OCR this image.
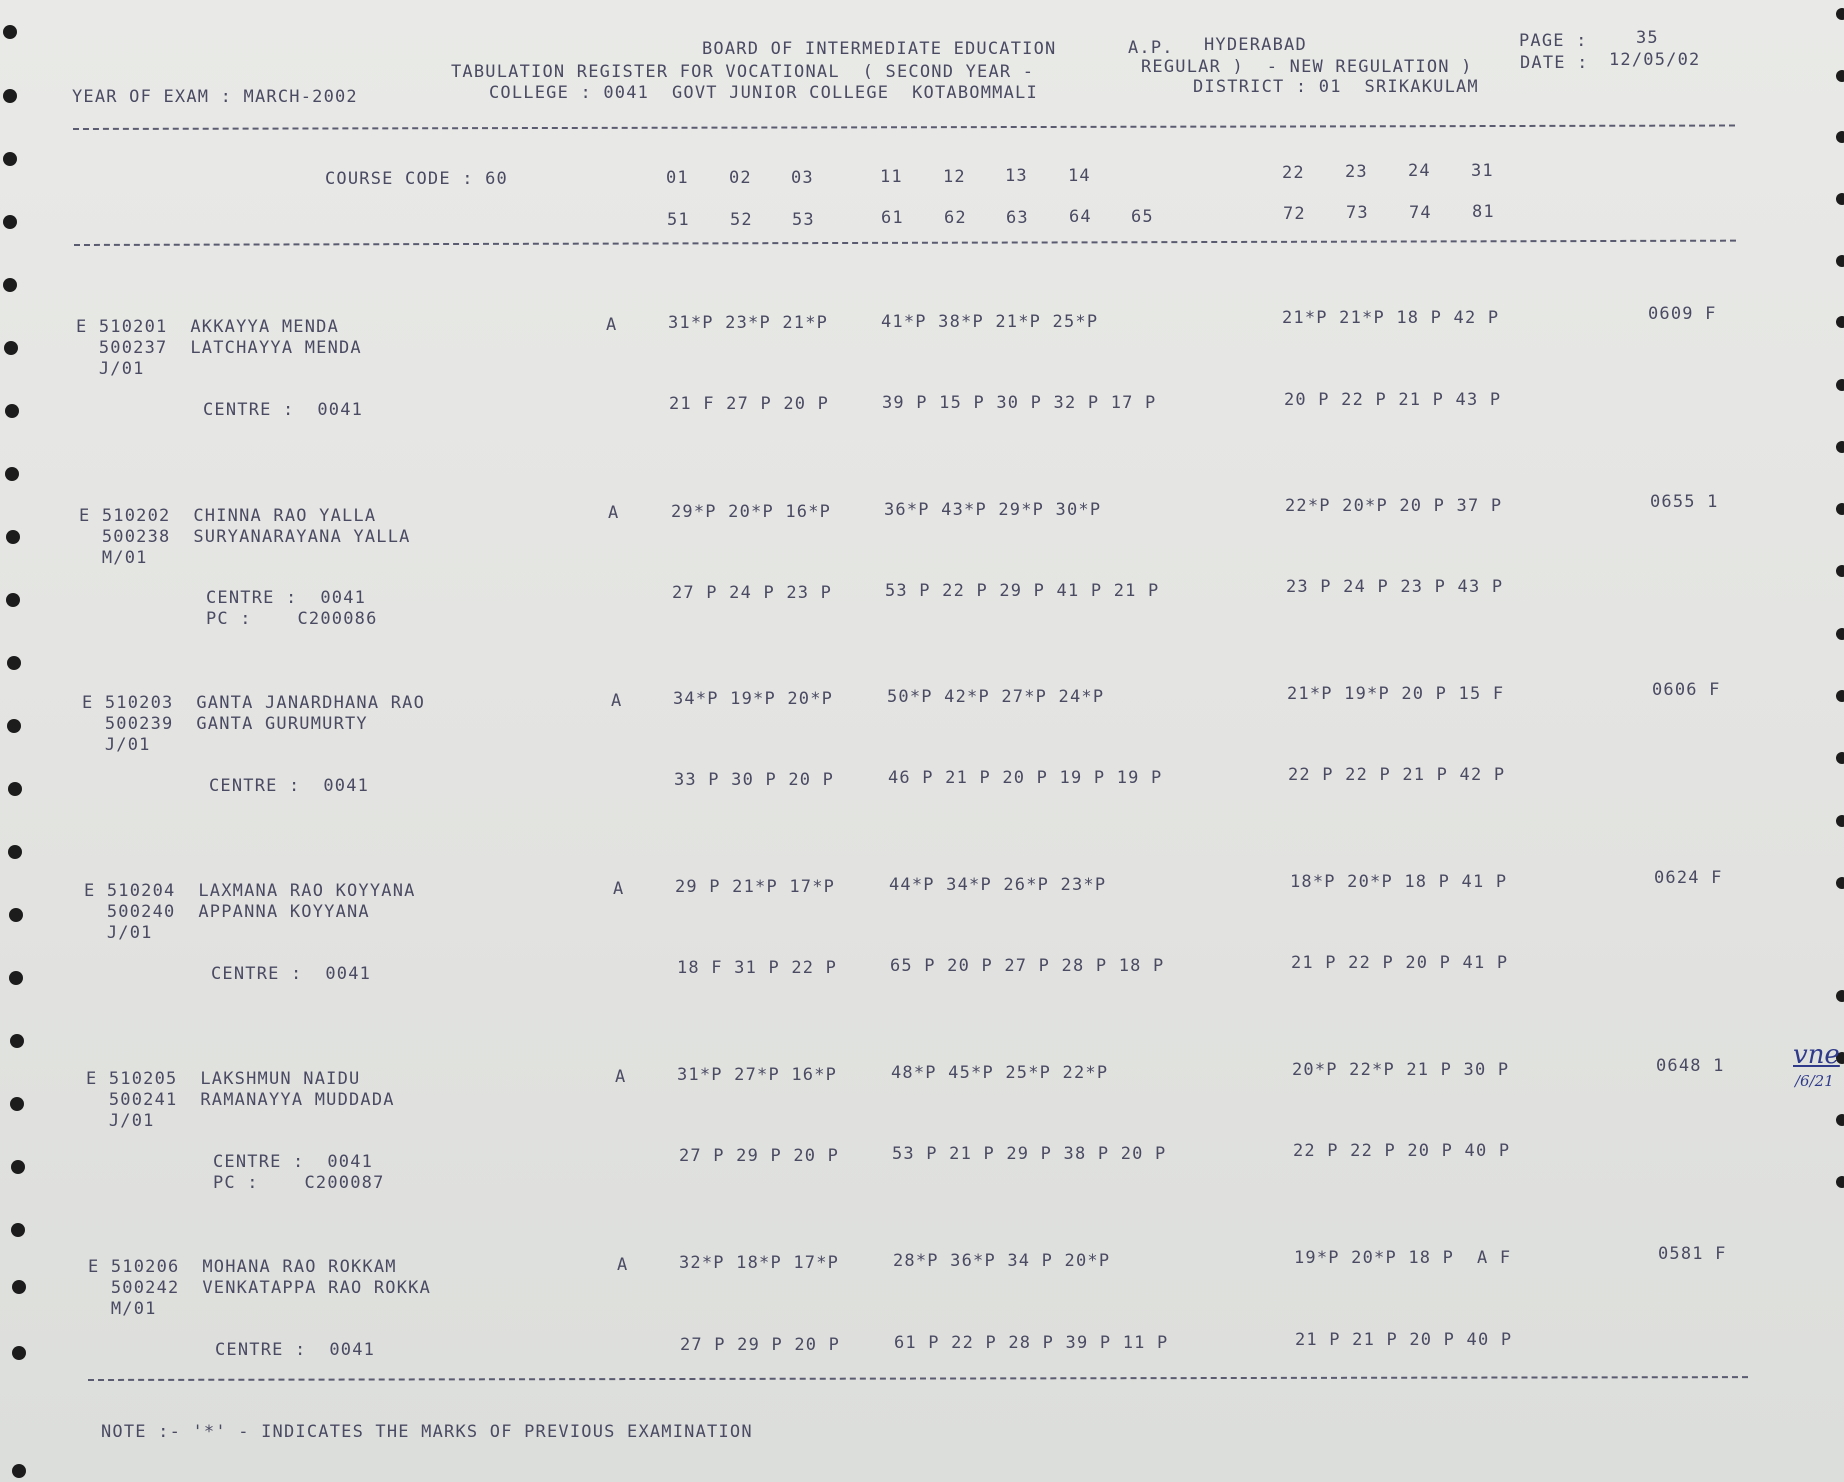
BOARD OF INTERMEDIATE EDUCATION	A.P. HYDERABAD	PAGE :	35
TABULATION REGISTER FOR VOCATIONAL  ( SECOND YEAR -	REGULAR )  - NEW REGULATION )	DATE : 12/05/02
YEAR OF EXAM : MARCH-2002	COLLEGE : 0041  GOVT JUNIOR COLLEGE  KOTABOMMALI	DISTRICT : 01  SRIKAKULAM
COURSE CODE : 60	01 02 03	11 12 13 14	22 23 24 31
51 52 53	61 62 63 64 65	72 73 74 81
E 510201  AKKAYYA MENDA
500237  LATCHAYYA MENDA
J/01
CENTRE :  0041
A	31*P 23*P 21*P	41*P 38*P 21*P 25*P	21*P 21*P 18 P 42 P	0609 F
21 F 27 P 20 P	39 P 15 P 30 P 32 P 17 P	20 P 22 P 21 P 43 P
E 510202  CHINNA RAO YALLA
500238  SURYANARAYANA YALLA
M/01
CENTRE :  0041
PC :    C200086
A	29*P 20*P 16*P	36*P 43*P 29*P 30*P	22*P 20*P 20 P 37 P	0655 1
27 P 24 P 23 P	53 P 22 P 29 P 41 P 21 P	23 P 24 P 23 P 43 P
E 510203  GANTA JANARDHANA RAO
500239  GANTA GURUMURTY
J/01
CENTRE :  0041
A	34*P 19*P 20*P	50*P 42*P 27*P 24*P	21*P 19*P 20 P 15 F	0606 F
33 P 30 P 20 P	46 P 21 P 20 P 19 P 19 P	22 P 22 P 21 P 42 P
E 510204  LAXMANA RAO KOYYANA
500240  APPANNA KOYYANA
J/01
CENTRE :  0041
A	29 P 21*P 17*P	44*P 34*P 26*P 23*P	18*P 20*P 18 P 41 P	0624 F
18 F 31 P 22 P	65 P 20 P 27 P 28 P 18 P	21 P 22 P 20 P 41 P
E 510205  LAKSHMUN NAIDU
500241  RAMANAYYA MUDDADA
J/01
CENTRE :  0041
PC :    C200087
A	31*P 27*P 16*P	48*P 45*P 25*P 22*P	20*P 22*P 21 P 30 P	0648 1
27 P 29 P 20 P	53 P 21 P 29 P 38 P 20 P	22 P 22 P 20 P 40 P
E 510206  MOHANA RAO ROKKAM
500242  VENKATAPPA RAO ROKKA
M/01
CENTRE :  0041
A	32*P 18*P 17*P	28*P 36*P 34 P 20*P	19*P 20*P 18 P  A F	0581 F
27 P 29 P 20 P	61 P 22 P 28 P 39 P 11 P	21 P 21 P 20 P 40 P
NOTE :- '*' - INDICATES THE MARKS OF PREVIOUS EXAMINATION
vne
/6/21
